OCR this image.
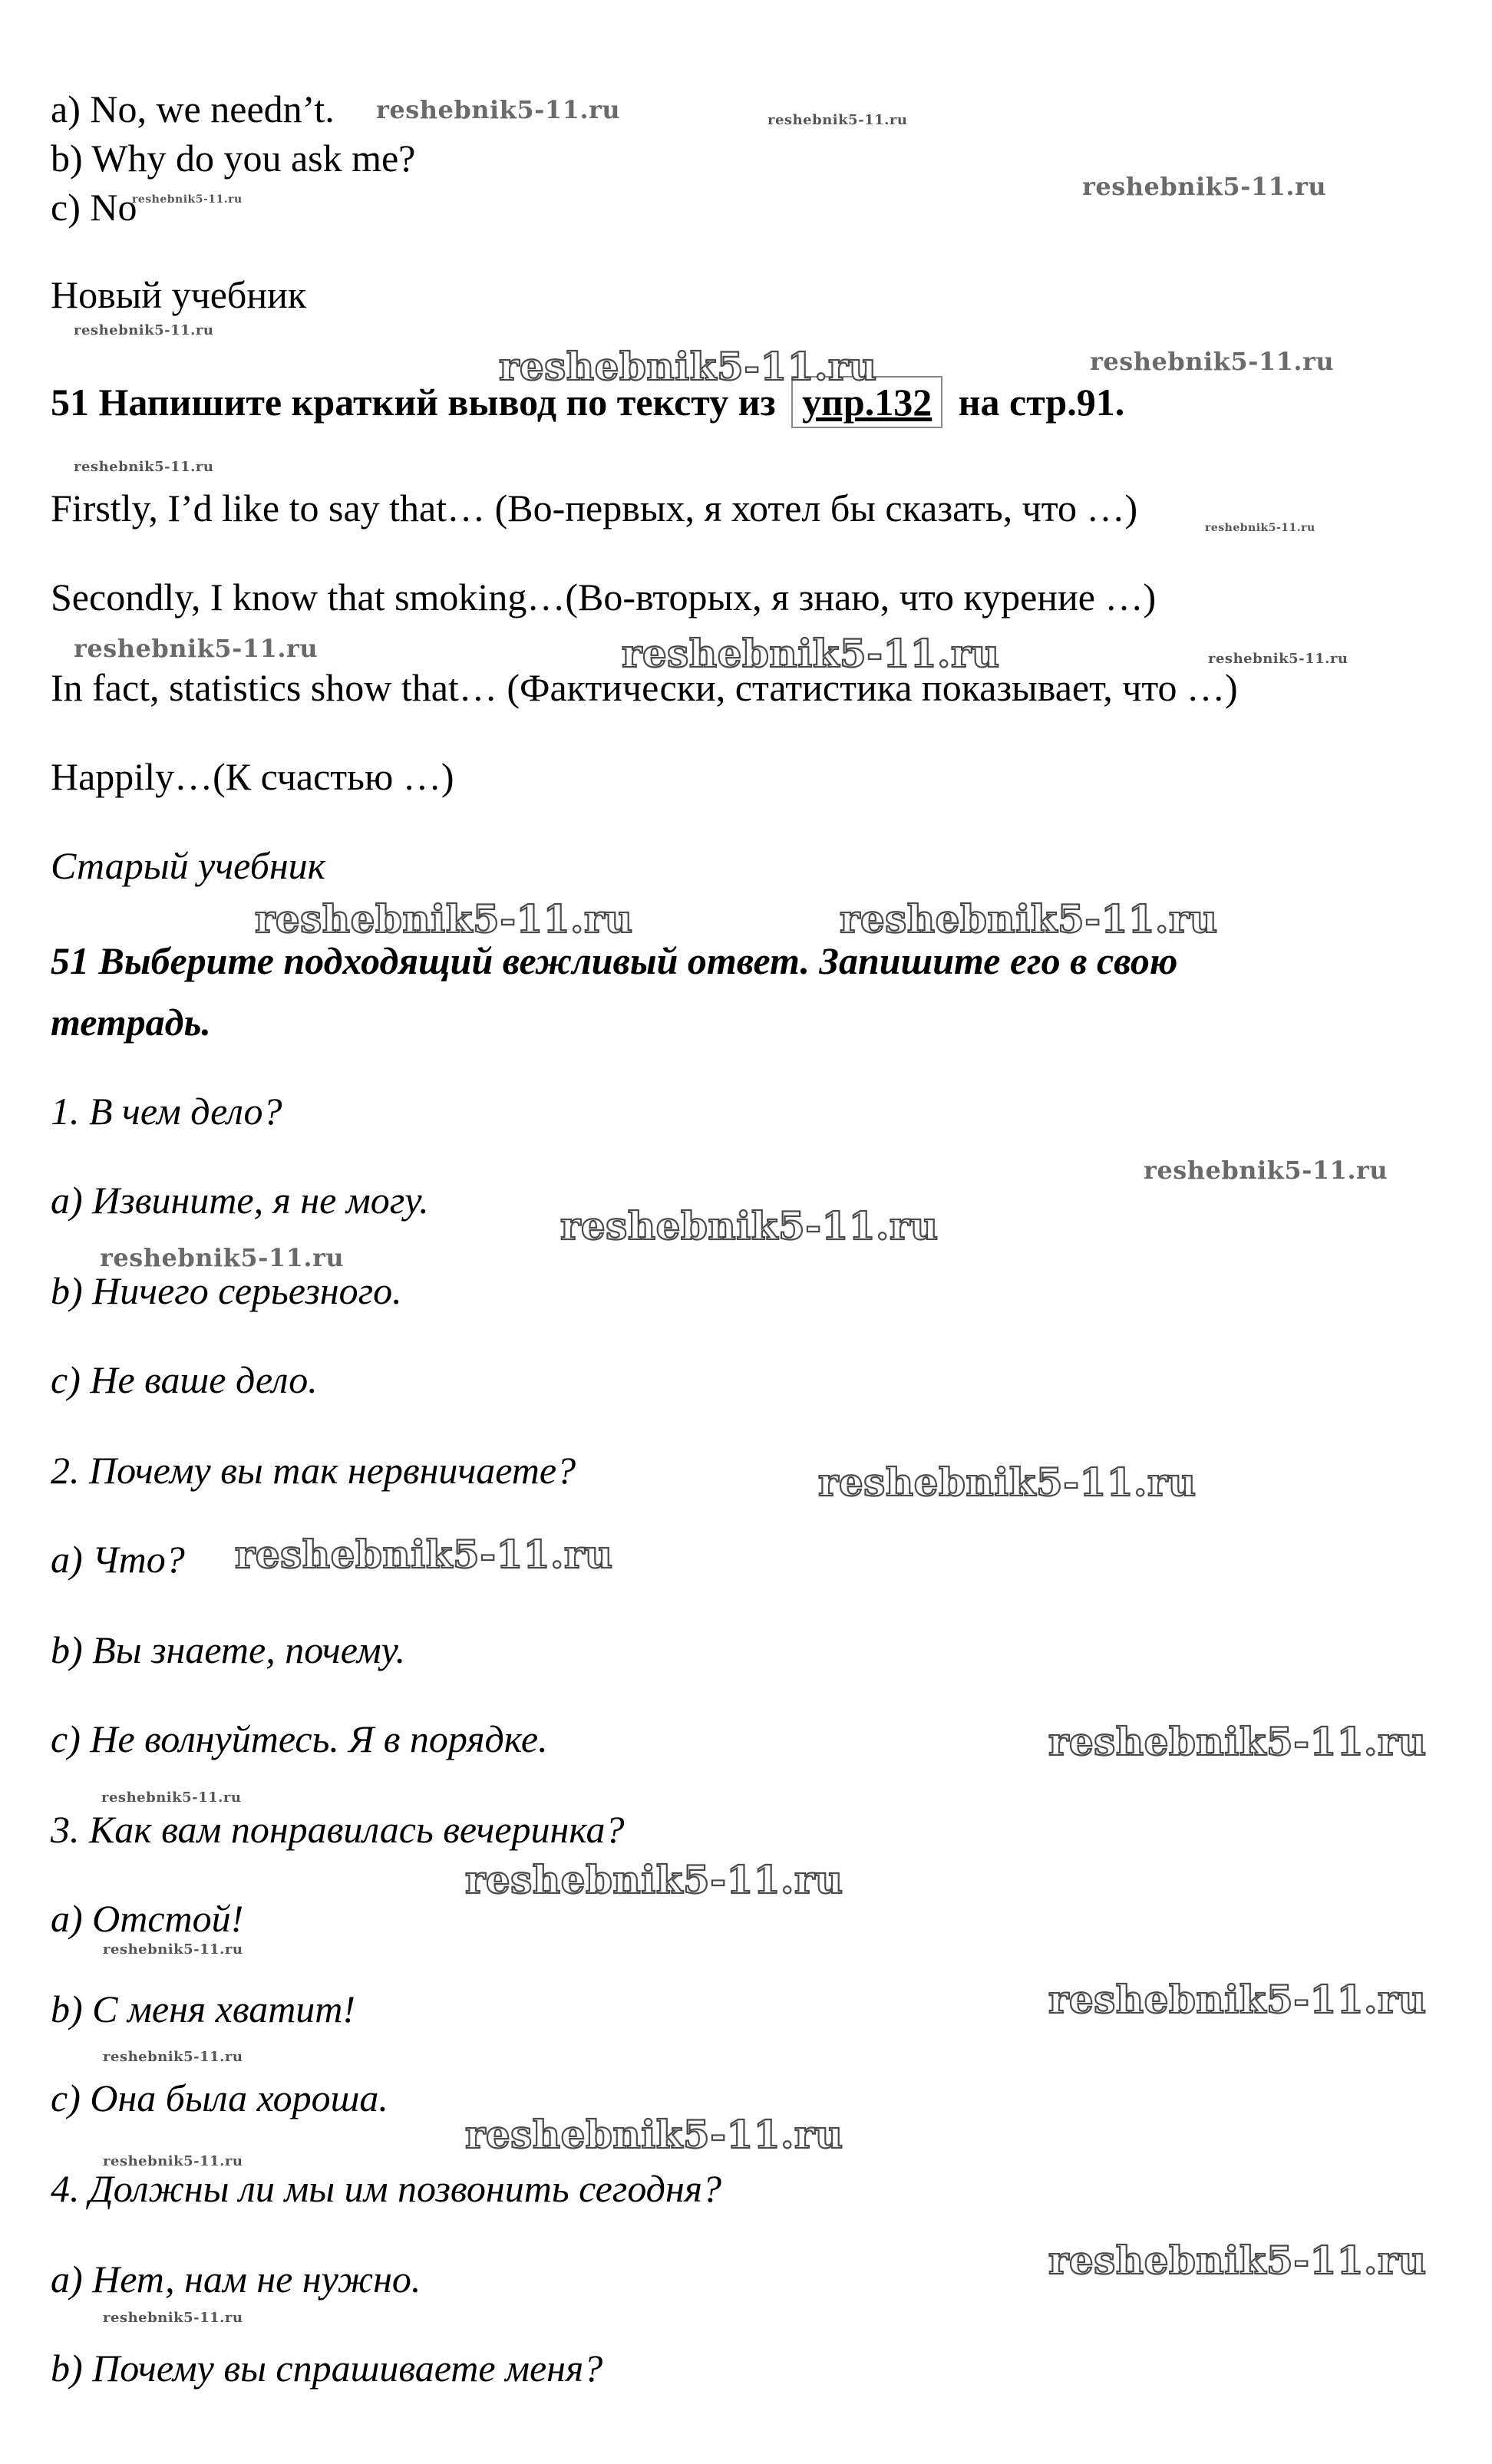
a) No, we needn’t.
b) Why do you ask me?
c) No
Новый учебник
51 Напишите краткий вывод по тексту из упр.132 на стр.91.
Firstly, I’d like to say that… (Во-первых, я хотел бы сказать, что …)
Secondly, I know that smoking…(Во-вторых, я знаю, что курение …)
In fact, statistics show that… (Фактически, статистика показывает, что …)
Happily…(К счастью …)
Старый учебник
51 Выберите подходящий вежливый ответ. Запишите его в свою
тетрадь.
1. В чем дело?
a) Извините, я не могу.
b) Ничего серьезного.
c) Не ваше дело.
2. Почему вы так нервничаете?
a) Что?
b) Вы знаете, почему.
c) Не волнуйтесь. Я в порядке.
3. Как вам понравилась вечеринка?
a) Отстой!
b) С меня хватит!
c) Она была хороша.
4. Должны ли мы им позвонить сегодня?
a) Нет, нам не нужно.
b) Почему вы спрашиваете меня?
reshebnik5-11.ru	reshebnik5-11.ru
reshebnik5-11.ru
reshebnik5-11.ru
reshebnik5-11.ru
reshebnik5-11.ru	reshebnik5-11.ru
reshebnik5-11.ru
reshebnik5-11.ru
reshebnik5-11.ru	reshebnik5-11.ru	reshebnik5-11.ru
reshebnik5-11.ru	reshebnik5-11.ru
reshebnik5-11.ru
reshebnik5-11.ru
reshebnik5-11.ru
reshebnik5-11.ru
reshebnik5-11.ru
reshebnik5-11.ru
reshebnik5-11.ru
reshebnik5-11.ru
reshebnik5-11.ru
reshebnik5-11.ru
reshebnik5-11.ru
reshebnik5-11.ru
reshebnik5-11.ru
reshebnik5-11.ru
reshebnik5-11.ru
